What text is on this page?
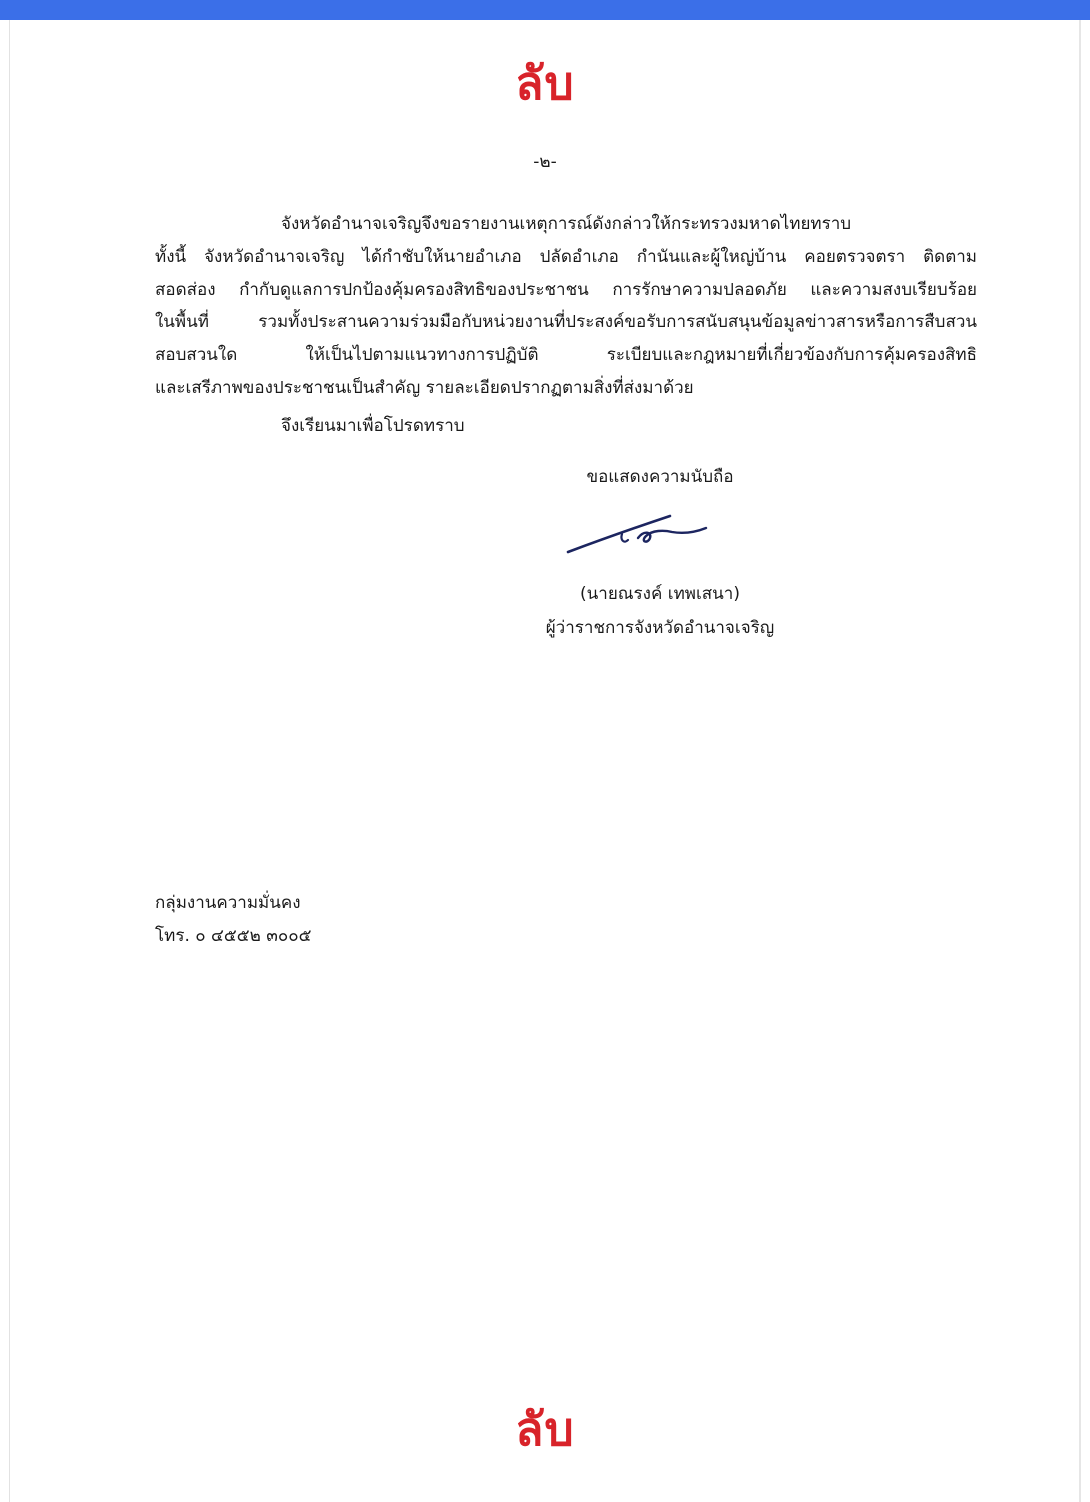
ลับ
-๒-
จังหวัดอำนาจเจริญจึงขอรายงานเหตุการณ์ดังกล่าวให้กระทรวงมหาดไทยทราบ
ทั้งนี้ จังหวัดอำนาจเจริญ ได้กำชับให้นายอำเภอ ปลัดอำเภอ กำนันและผู้ใหญ่บ้าน คอยตรวจตรา ติดตาม
สอดส่อง กำกับดูแลการปกป้องคุ้มครองสิทธิของประชาชน การรักษาความปลอดภัย และความสงบเรียบร้อย
ในพื้นที่ รวมทั้งประสานความร่วมมือกับหน่วยงานที่ประสงค์ขอรับการสนับสนุนข้อมูลข่าวสารหรือการสืบสวน
สอบสวนใด ให้เป็นไปตามแนวทางการปฏิบัติ ระเบียบและกฎหมายที่เกี่ยวข้องกับการคุ้มครองสิทธิ
และเสรีภาพของประชาชนเป็นสำคัญ รายละเอียดปรากฏตามสิ่งที่ส่งมาด้วย
จึงเรียนมาเพื่อโปรดทราบ
ขอแสดงความนับถือ
(นายณรงค์ เทพเสนา)
ผู้ว่าราชการจังหวัดอำนาจเจริญ
กลุ่มงานความมั่นคง
โทร. ๐ ๔๕๕๒ ๓๐๐๕
ลับ
